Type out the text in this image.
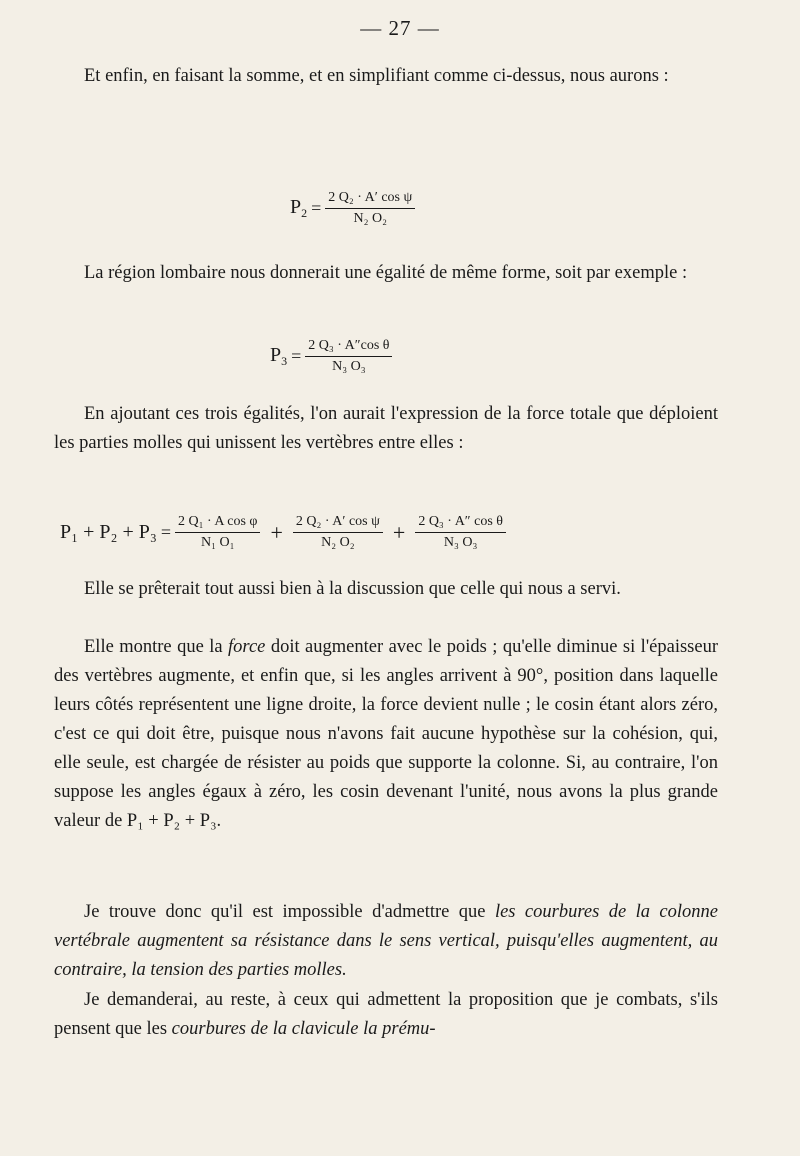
— 27 —

Et enfin, en faisant la somme, et en simplifiant comme ci-dessus, nous aurons :

$P_2 = \frac{\text{2 Q₂ · A′ cos ψ}}{\text{N₂ O₂}}$

La région lombaire nous donnerait une égalité de même forme, soit par exemple :

$P_3 = \frac{\text{2 Q₃ · A″cos θ}}{\text{N₃ O₃}}$

En ajoutant ces trois égalités, l'on aurait l'expression de la force totale que déploient les parties molles qui unissent les vertèbres entre elles :

$P_1 + P_2 + P_3 = \frac{\text{2 Q₁ · A cos φ}}{\text{N₁ O₁}} + \frac{\text{2 Q₂ · A′ cos ψ}}{\text{N₂ O₂}} + \frac{\text{2 Q₃ · A″ cos θ}}{\text{N₃ O₃}}$

Elle se prêterait tout aussi bien à la discussion que celle qui nous a servi.

Elle montre que la force doit augmenter avec le poids ; qu'elle diminue si l'épaisseur des vertèbres augmente, et enfin que, si les angles arrivent à 90°, position dans laquelle leurs côtés représentent une ligne droite, la force devient nulle ; le cosin étant alors zéro, c'est ce qui doit être, puisque nous n'avons fait aucune hypothèse sur la cohésion, qui, elle seule, est chargée de résister au poids que supporte la colonne. Si, au contraire, l'on suppose les angles égaux à zéro, les cosin devenant l'unité, nous avons la plus grande valeur de P₁ + P₂ + P₃.

Je trouve donc qu'il est impossible d'admettre que les courbures de la colonne vertébrale augmentent sa résistance dans le sens vertical, puisqu'elles augmentent, au contraire, la tension des parties molles.

Je demanderai, au reste, à ceux qui admettent la proposition que je combats, s'ils pensent que les courbures de la clavicule la prému-
